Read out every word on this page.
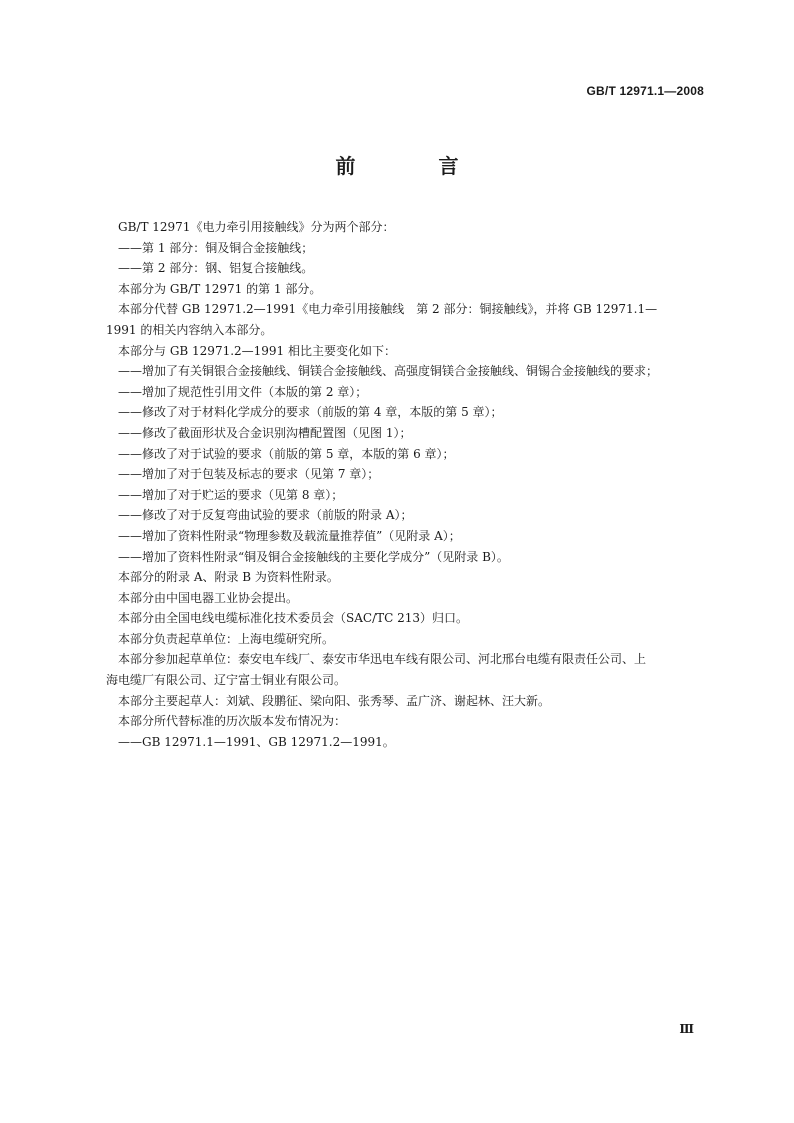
GB/T 12971.1—2008
前 言

GB/T 12971《电力牵引用接触线》分为两个部分：

——第 1 部分：铜及铜合金接触线；

——第 2 部分：钢、铝复合接触线。

本部分为 GB/T 12971 的第 1 部分。

本部分代替 GB 12971.2—1991《电力牵引用接触线　第 2 部分：铜接触线》，并将 GB 12971.1—

1991 的相关内容纳入本部分。

本部分与 GB 12971.2—1991 相比主要变化如下：

——增加了有关铜银合金接触线、铜镁合金接触线、高强度铜镁合金接触线、铜锡合金接触线的要求；

——增加了规范性引用文件（本版的第 2 章）；

——修改了对于材料化学成分的要求（前版的第 4 章，本版的第 5 章）；

——修改了截面形状及合金识别沟槽配置图（见图 1）；

——修改了对于试验的要求（前版的第 5 章，本版的第 6 章）；

——增加了对于包装及标志的要求（见第 7 章）；

——增加了对于贮运的要求（见第 8 章）；

——修改了对于反复弯曲试验的要求（前版的附录 A）；

——增加了资料性附录“物理参数及载流量推荐值”（见附录 A）；

——增加了资料性附录“铜及铜合金接触线的主要化学成分”（见附录 B）。

本部分的附录 A、附录 B 为资料性附录。

本部分由中国电器工业协会提出。

本部分由全国电线电缆标准化技术委员会（SAC/TC 213）归口。

本部分负责起草单位：上海电缆研究所。

本部分参加起草单位：泰安电车线厂、泰安市华迅电车线有限公司、河北邢台电缆有限责任公司、上

海电缆厂有限公司、辽宁富士铜业有限公司。

本部分主要起草人：刘斌、段鹏征、梁向阳、张秀琴、孟广济、谢起林、汪大新。

本部分所代替标准的历次版本发布情况为：

——GB 12971.1—1991、GB 12971.2—1991。

Ⅲ
